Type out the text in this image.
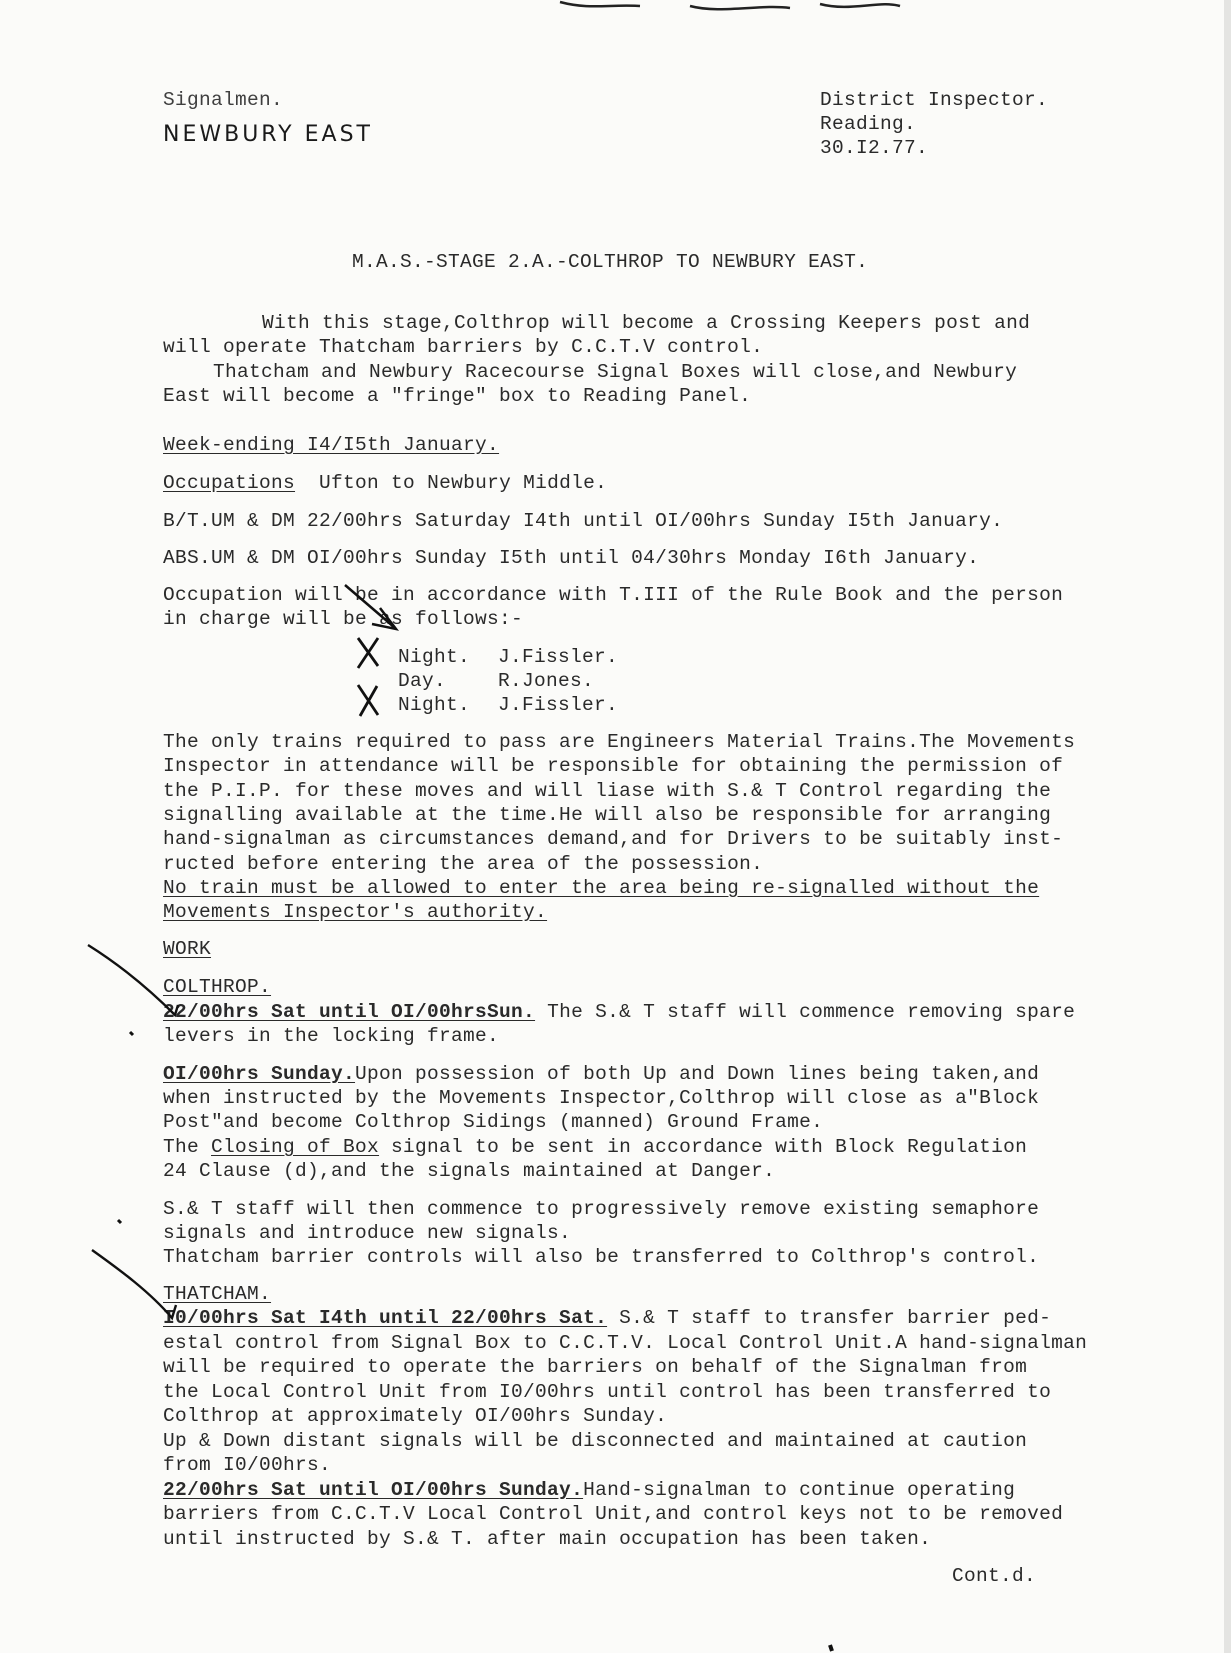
Signalmen.
NEWBURY EAST
District Inspector.
Reading.
30.I2.77.
M.A.S.-STAGE 2.A.-COLTHROP TO NEWBURY EAST.
With this stage,Colthrop will become a Crossing Keepers post and
will operate Thatcham barriers by C.C.T.V control.
Thatcham and Newbury Racecourse Signal Boxes will close,and Newbury
East will become a "fringe" box to Reading Panel.
Week-ending I4/I5th January.
Occupations Ufton to Newbury Middle.
B/T.UM & DM 22/00hrs Saturday I4th until OI/00hrs Sunday I5th January.
ABS.UM & DM OI/00hrs Sunday I5th until 04/30hrs Monday I6th January.
Occupation will be in accordance with T.III of the Rule Book and the person
in charge will be as follows:-
Night. J.Fissler.
Day.	R.Jones.
Night. J.Fissler.
The only trains required to pass are Engineers Material Trains.The Movements
Inspector in attendance will be responsible for obtaining the permission of
the P.I.P. for these moves and will liase with S.& T Control regarding the
signalling available at the time.He will also be responsible for arranging
hand-signalman as circumstances demand,and for Drivers to be suitably inst-
ructed before entering the area of the possession.
No train must be allowed to enter the area being re-signalled without the
Movements Inspector's authority.
WORK
COLTHROP.
22/00hrs Sat until OI/00hrsSun. The S.& T staff will commence removing spare
levers in the locking frame.
OI/00hrs Sunday.Upon possession of both Up and Down lines being taken,and
when instructed by the Movements Inspector,Colthrop will close as a"Block
Post"and become Colthrop Sidings (manned) Ground Frame.
The Closing of Box signal to be sent in accordance with Block Regulation
24 Clause (d),and the signals maintained at Danger.
S.& T staff will then commence to progressively remove existing semaphore
signals and introduce new signals.
Thatcham barrier controls will also be transferred to Colthrop's control.
THATCHAM.
I0/00hrs Sat I4th until 22/00hrs Sat. S.& T staff to transfer barrier ped-
estal control from Signal Box to C.C.T.V. Local Control Unit.A hand-signalman
will be required to operate the barriers on behalf of the Signalman from
the Local Control Unit from I0/00hrs until control has been transferred to
Colthrop at approximately OI/00hrs Sunday.
Up & Down distant signals will be disconnected and maintained at caution
from I0/00hrs.
22/00hrs Sat until OI/00hrs Sunday.Hand-signalman to continue operating
barriers from C.C.T.V Local Control Unit,and control keys not to be removed
until instructed by S.& T. after main occupation has been taken.
Cont.d.
